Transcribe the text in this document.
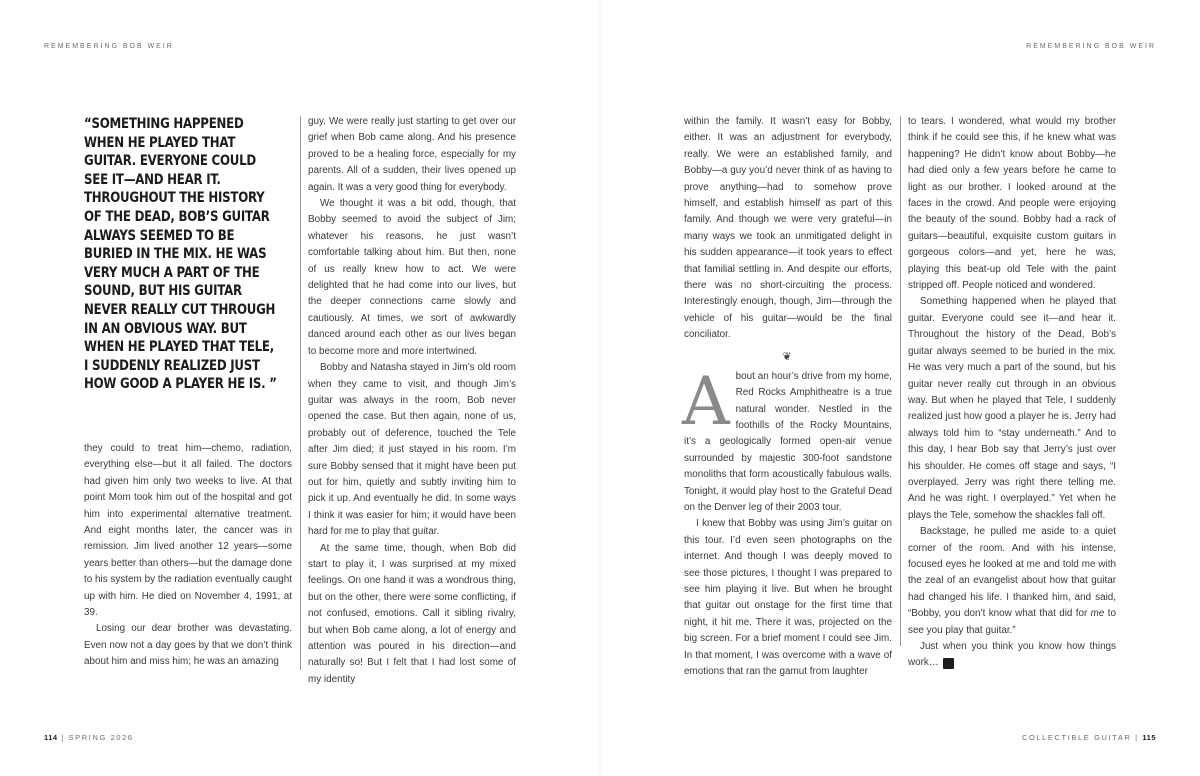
REMEMBERING BOB WEIR	REMEMBERING BOB WEIR
“SOMETHING HAPPENED WHEN HE PLAYED THAT GUITAR. EVERYONE COULD SEE IT—AND HEAR IT. THROUGHOUT THE HISTORY OF THE DEAD, BOB’S GUITAR ALWAYS SEEMED TO BE BURIED IN THE MIX. HE WAS VERY MUCH A PART OF THE SOUND, BUT HIS GUITAR NEVER REALLY CUT THROUGH IN AN OBVIOUS WAY. BUT WHEN HE PLAYED THAT TELE, I SUDDENLY REALIZED JUST HOW GOOD A PLAYER HE IS. ”

they could to treat him—chemo, radiation, everything else—but it all failed. The doctors had given him only two weeks to live. At that point Mom took him out of the hospital and got him into experimental alternative treatment. And eight months later, the cancer was in remission. Jim lived another 12 years—some years better than others—but the damage done to his system by the radiation eventually caught up with him. He died on November 4, 1991, at 39.

Losing our dear brother was devastating. Even now not a day goes by that we don’t think about him and miss him; he was an amazing

guy. We were really just starting to get over our grief when Bob came along. And his presence proved to be a healing force, especially for my parents. All of a sudden, their lives opened up again. It was a very good thing for everybody.

We thought it was a bit odd, though, that Bobby seemed to avoid the subject of Jim; whatever his reasons, he just wasn’t comfortable talking about him. But then, none of us really knew how to act. We were delighted that he had come into our lives, but the deeper connections came slowly and cautiously. At times, we sort of awkwardly danced around each other as our lives began to become more and more intertwined.

Bobby and Natasha stayed in Jim’s old room when they came to visit, and though Jim’s guitar was always in the room, Bob never opened the case. But then again, none of us, probably out of deference, touched the Tele after Jim died; it just stayed in his room. I’m sure Bobby sensed that it might have been put out for him, quietly and subtly inviting him to pick it up. And eventually he did. In some ways I think it was easier for him; it would have been hard for me to play that guitar.

At the same time, though, when Bob did start to play it, I was surprised at my mixed feelings. On one hand it was a wondrous thing, but on the other, there were some conflicting, if not confused, emotions. Call it sibling rivalry, but when Bob came along, a lot of energy and attention was poured in his direction—and naturally so! But I felt that I had lost some of my identity

within the family. It wasn’t easy for Bobby, either. It was an adjustment for everybody, really. We were an established family, and Bobby—a guy you’d never think of as having to prove anything—had to somehow prove himself, and establish himself as part of this family. And though we were very grateful—in many ways we took an unmitigated delight in his sudden appearance—it took years to effect that familial settling in. And despite our efforts, there was no short-circuiting the process. Interestingly enough, though, Jim—through the vehicle of his guitar—would be the final conciliator.

❦

About an hour’s drive from my home, Red Rocks Amphitheatre is a true natural wonder. Nestled in the foothills of the Rocky Mountains, it’s a geologically formed open-air venue surrounded by majestic 300-foot sandstone monoliths that form acoustically fabulous walls. Tonight, it would play host to the Grateful Dead on the Denver leg of their 2003 tour.

I knew that Bobby was using Jim’s guitar on this tour. I’d even seen photographs on the internet. And though I was deeply moved to see those pictures, I thought I was prepared to see him playing it live. But when he brought that guitar out onstage for the first time that night, it hit me. There it was, projected on the big screen. For a brief moment I could see Jim. In that moment, I was overcome with a wave of emotions that ran the gamut from laughter

to tears. I wondered, what would my brother think if he could see this, if he knew what was happening? He didn’t know about Bobby—he had died only a few years before he came to light as our brother. I looked around at the faces in the crowd. And people were enjoying the beauty of the sound. Bobby had a rack of guitars—beautiful, exquisite custom guitars in gorgeous colors—and yet, here he was, playing this beat-up old Tele with the paint stripped off. People noticed and wondered.

Something happened when he played that guitar. Everyone could see it—and hear it. Throughout the history of the Dead, Bob’s guitar always seemed to be buried in the mix. He was very much a part of the sound, but his guitar never really cut through in an obvious way. But when he played that Tele, I suddenly realized just how good a player he is. Jerry had always told him to “stay underneath.” And to this day, I hear Bob say that Jerry’s just over his shoulder. He comes off stage and says, “I overplayed. Jerry was right there telling me. And he was right. I overplayed.” Yet when he plays the Tele, somehow the shackles fall off.

Backstage, he pulled me aside to a quiet corner of the room. And with his intense, focused eyes he looked at me and told me with the zeal of an evangelist about how that guitar had changed his life. I thanked him, and said, “Bobby, you don’t know what that did for me to see you play that guitar.”

Just when you think you know how things work… G

114 | SPRING 2026	COLLECTIBLE GUITAR | 115
